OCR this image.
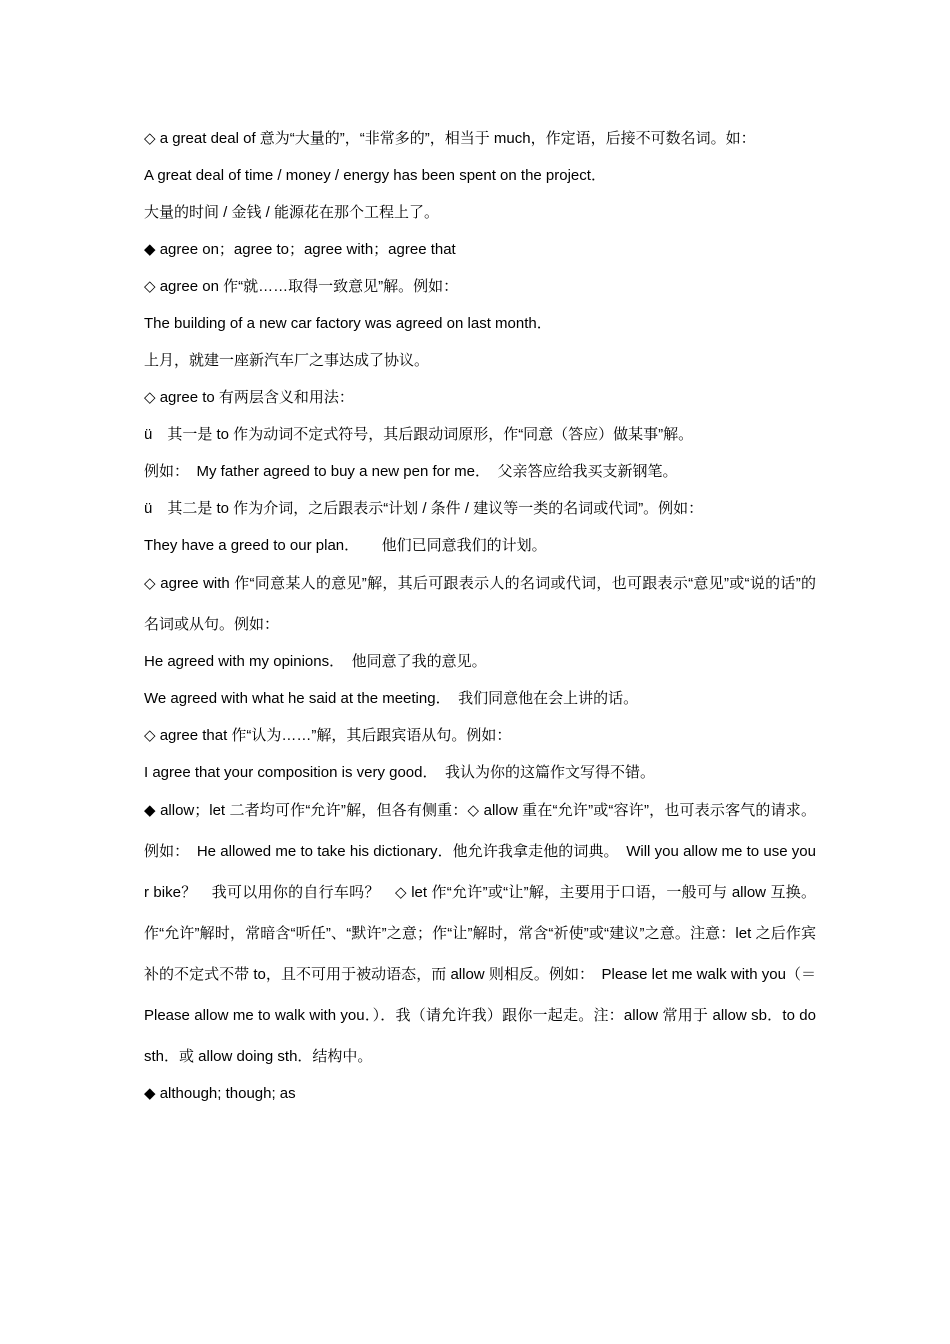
◇ a great deal of 意为“大量的”，“非常多的”，相当于 much，作定语，后接不可数名词。如：

A great deal of time / money / energy has been spent on the project．

大量的时间 / 金钱 / 能源花在那个工程上了。

◆ agree on；agree to；agree with；agree that

◇ agree on 作“就……取得一致意见”解。例如：

The building of a new car factory was agreed on last month．

上月，就建一座新汽车厂之事达成了协议。

◇ agree to 有两层含义和用法：

ü　其一是 to 作为动词不定式符号，其后跟动词原形，作“同意（答应）做某事”解。

例如：　My father agreed to buy a new pen for me．　父亲答应给我买支新钢笔。

ü　其二是 to 作为介词，之后跟表示“计划 / 条件 / 建议等一类的名词或代词”。例如：

They have a greed to our plan．　　他们已同意我们的计划。

◇ agree with 作“同意某人的意见”解，其后可跟表示人的名词或代词，也可跟表示“意见”或“说的话”的名词或从句。例如：

He agreed with my opinions．　他同意了我的意见。

We agreed with what he said at the meeting．　我们同意他在会上讲的话。

◇ agree that 作“认为……”解，其后跟宾语从句。例如：

I agree that your composition is very good．　我认为你的这篇作文写得不错。

◆ allow；let 二者均可作“允许”解，但各有侧重：◇ allow 重在“允许”或“容许”，也可表示客气的请求。例如：　He allowed me to take his dictionary．他允许我拿走他的词典。　Will you allow me to use your bike？　我可以用你的自行车吗？　◇ let 作“允许”或“让”解，主要用于口语，一般可与 allow 互换。作“允许”解时，常暗含“听任”、“默许”之意；作“让”解时，常含“祈使”或“建议”之意。注意：let 之后作宾补的不定式不带 to，且不可用于被动语态，而 allow 则相反。例如：　Please let me walk with you（＝Please allow me to walk with you．）．我（请允许我）跟你一起走。注：allow 常用于 allow sb．to do sth．或 allow doing sth．结构中。

◆ although; though; as
